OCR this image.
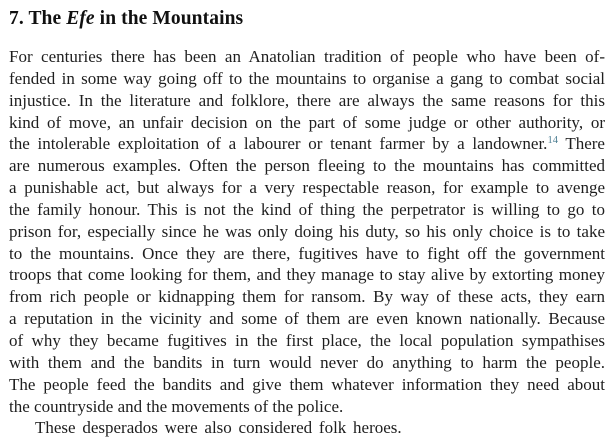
7. The Efe in the Mountains
For centuries there has been an Anatolian tradition of people who have been of-
fended in some way going off to the mountains to organise a gang to combat social
injustice. In the literature and folklore, there are always the same reasons for this
kind of move, an unfair decision on the part of some judge or other authority, or
the intolerable exploitation of a labourer or tenant farmer by a landowner.$^{14}$ There
are numerous examples. Often the person fleeing to the mountains has committed
a punishable act, but always for a very respectable reason, for example to avenge
the family honour. This is not the kind of thing the perpetrator is willing to go to
prison for, especially since he was only doing his duty, so his only choice is to take
to the mountains. Once they are there, fugitives have to fight off the government
troops that come looking for them, and they manage to stay alive by extorting money
from rich people or kidnapping them for ransom. By way of these acts, they earn
a reputation in the vicinity and some of them are even known nationally. Because
of why they became fugitives in the first place, the local population sympathises
with them and the bandits in turn would never do anything to harm the people.
The people feed the bandits and give them whatever information they need about
the countryside and the movements of the police.
These desperados were also considered folk heroes.
